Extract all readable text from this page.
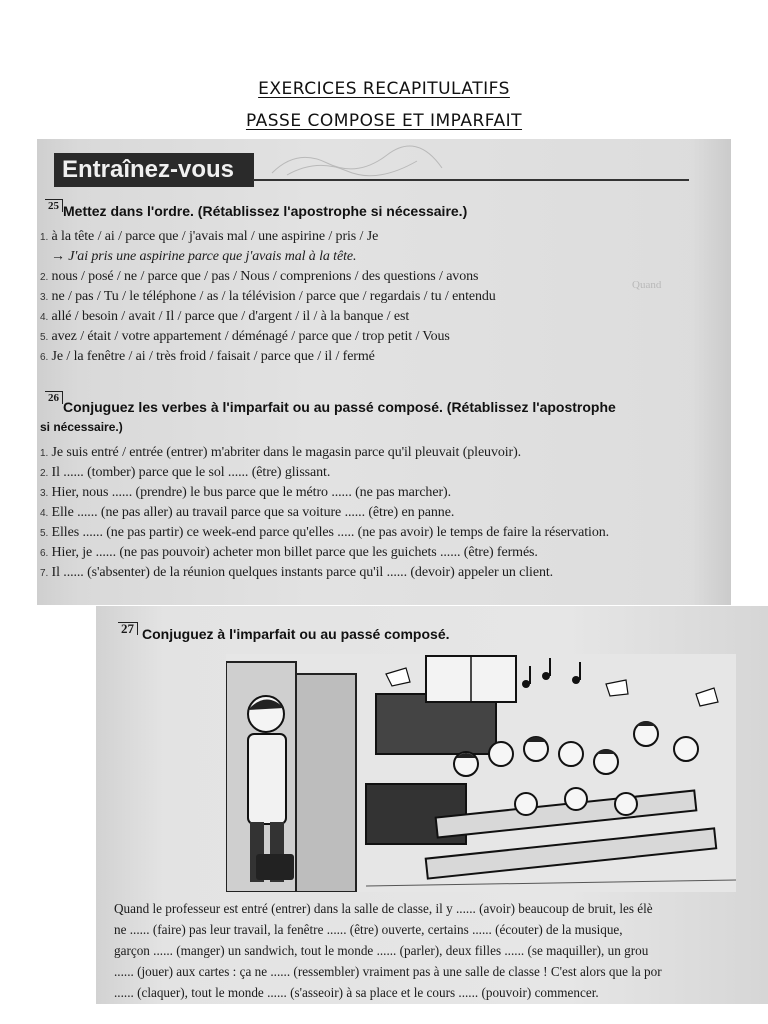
EXERCICES RECAPITULATIFS
PASSE COMPOSE ET IMPARFAIT
Entraînez-vous
Quand
25 Mettez dans l'ordre. (Rétablissez l'apostrophe si nécessaire.)
1. à la tête / ai / parce que / j'avais mal / une aspirine / pris / Je
→ J'ai pris une aspirine parce que j'avais mal à la tête.
2. nous / posé / ne / parce que / pas / Nous / comprenions / des questions / avons
3. ne / pas / Tu / le téléphone / as / la télévision / parce que / regardais / tu / entendu
4. allé / besoin / avait / Il / parce que / d'argent / il / à la banque / est
5. avez / était / votre appartement / déménagé / parce que / trop petit / Vous
6. Je / la fenêtre / ai / très froid / faisait / parce que / il / fermé
26
Conjuguez les verbes à l'imparfait ou au passé composé. (Rétablissez l'apostrophe
si nécessaire.)
1. Je suis entré / entrée (entrer) m'abriter dans le magasin parce qu'il pleuvait (pleuvoir).
2. Il ...... (tomber) parce que le sol ...... (être) glissant.
3. Hier, nous ...... (prendre) le bus parce que le métro ...... (ne pas marcher).
4. Elle ...... (ne pas aller) au travail parce que sa voiture ...... (être) en panne.
5. Elles ...... (ne pas partir) ce week-end parce qu'elles ..... (ne pas avoir) le temps de faire la réservation.
6. Hier, je ...... (ne pas pouvoir) acheter mon billet parce que les guichets ...... (être) fermés.
7. Il ...... (s'absenter) de la réunion quelques instants parce qu'il ...... (devoir) appeler un client.
27 Conjuguez à l'imparfait ou au passé composé.
Quand le professeur est entré (entrer) dans la salle de classe, il y ...... (avoir) beaucoup de bruit, les élè
ne ...... (faire) pas leur travail, la fenêtre ...... (être) ouverte, certains ...... (écouter) de la musique,
garçon ...... (manger) un sandwich, tout le monde ...... (parler), deux filles ...... (se maquiller), un grou
...... (jouer) aux cartes : ça ne ...... (ressembler) vraiment pas à une salle de classe ! C'est alors que la por
...... (claquer), tout le monde ...... (s'asseoir) à sa place et le cours ...... (pouvoir) commencer.
